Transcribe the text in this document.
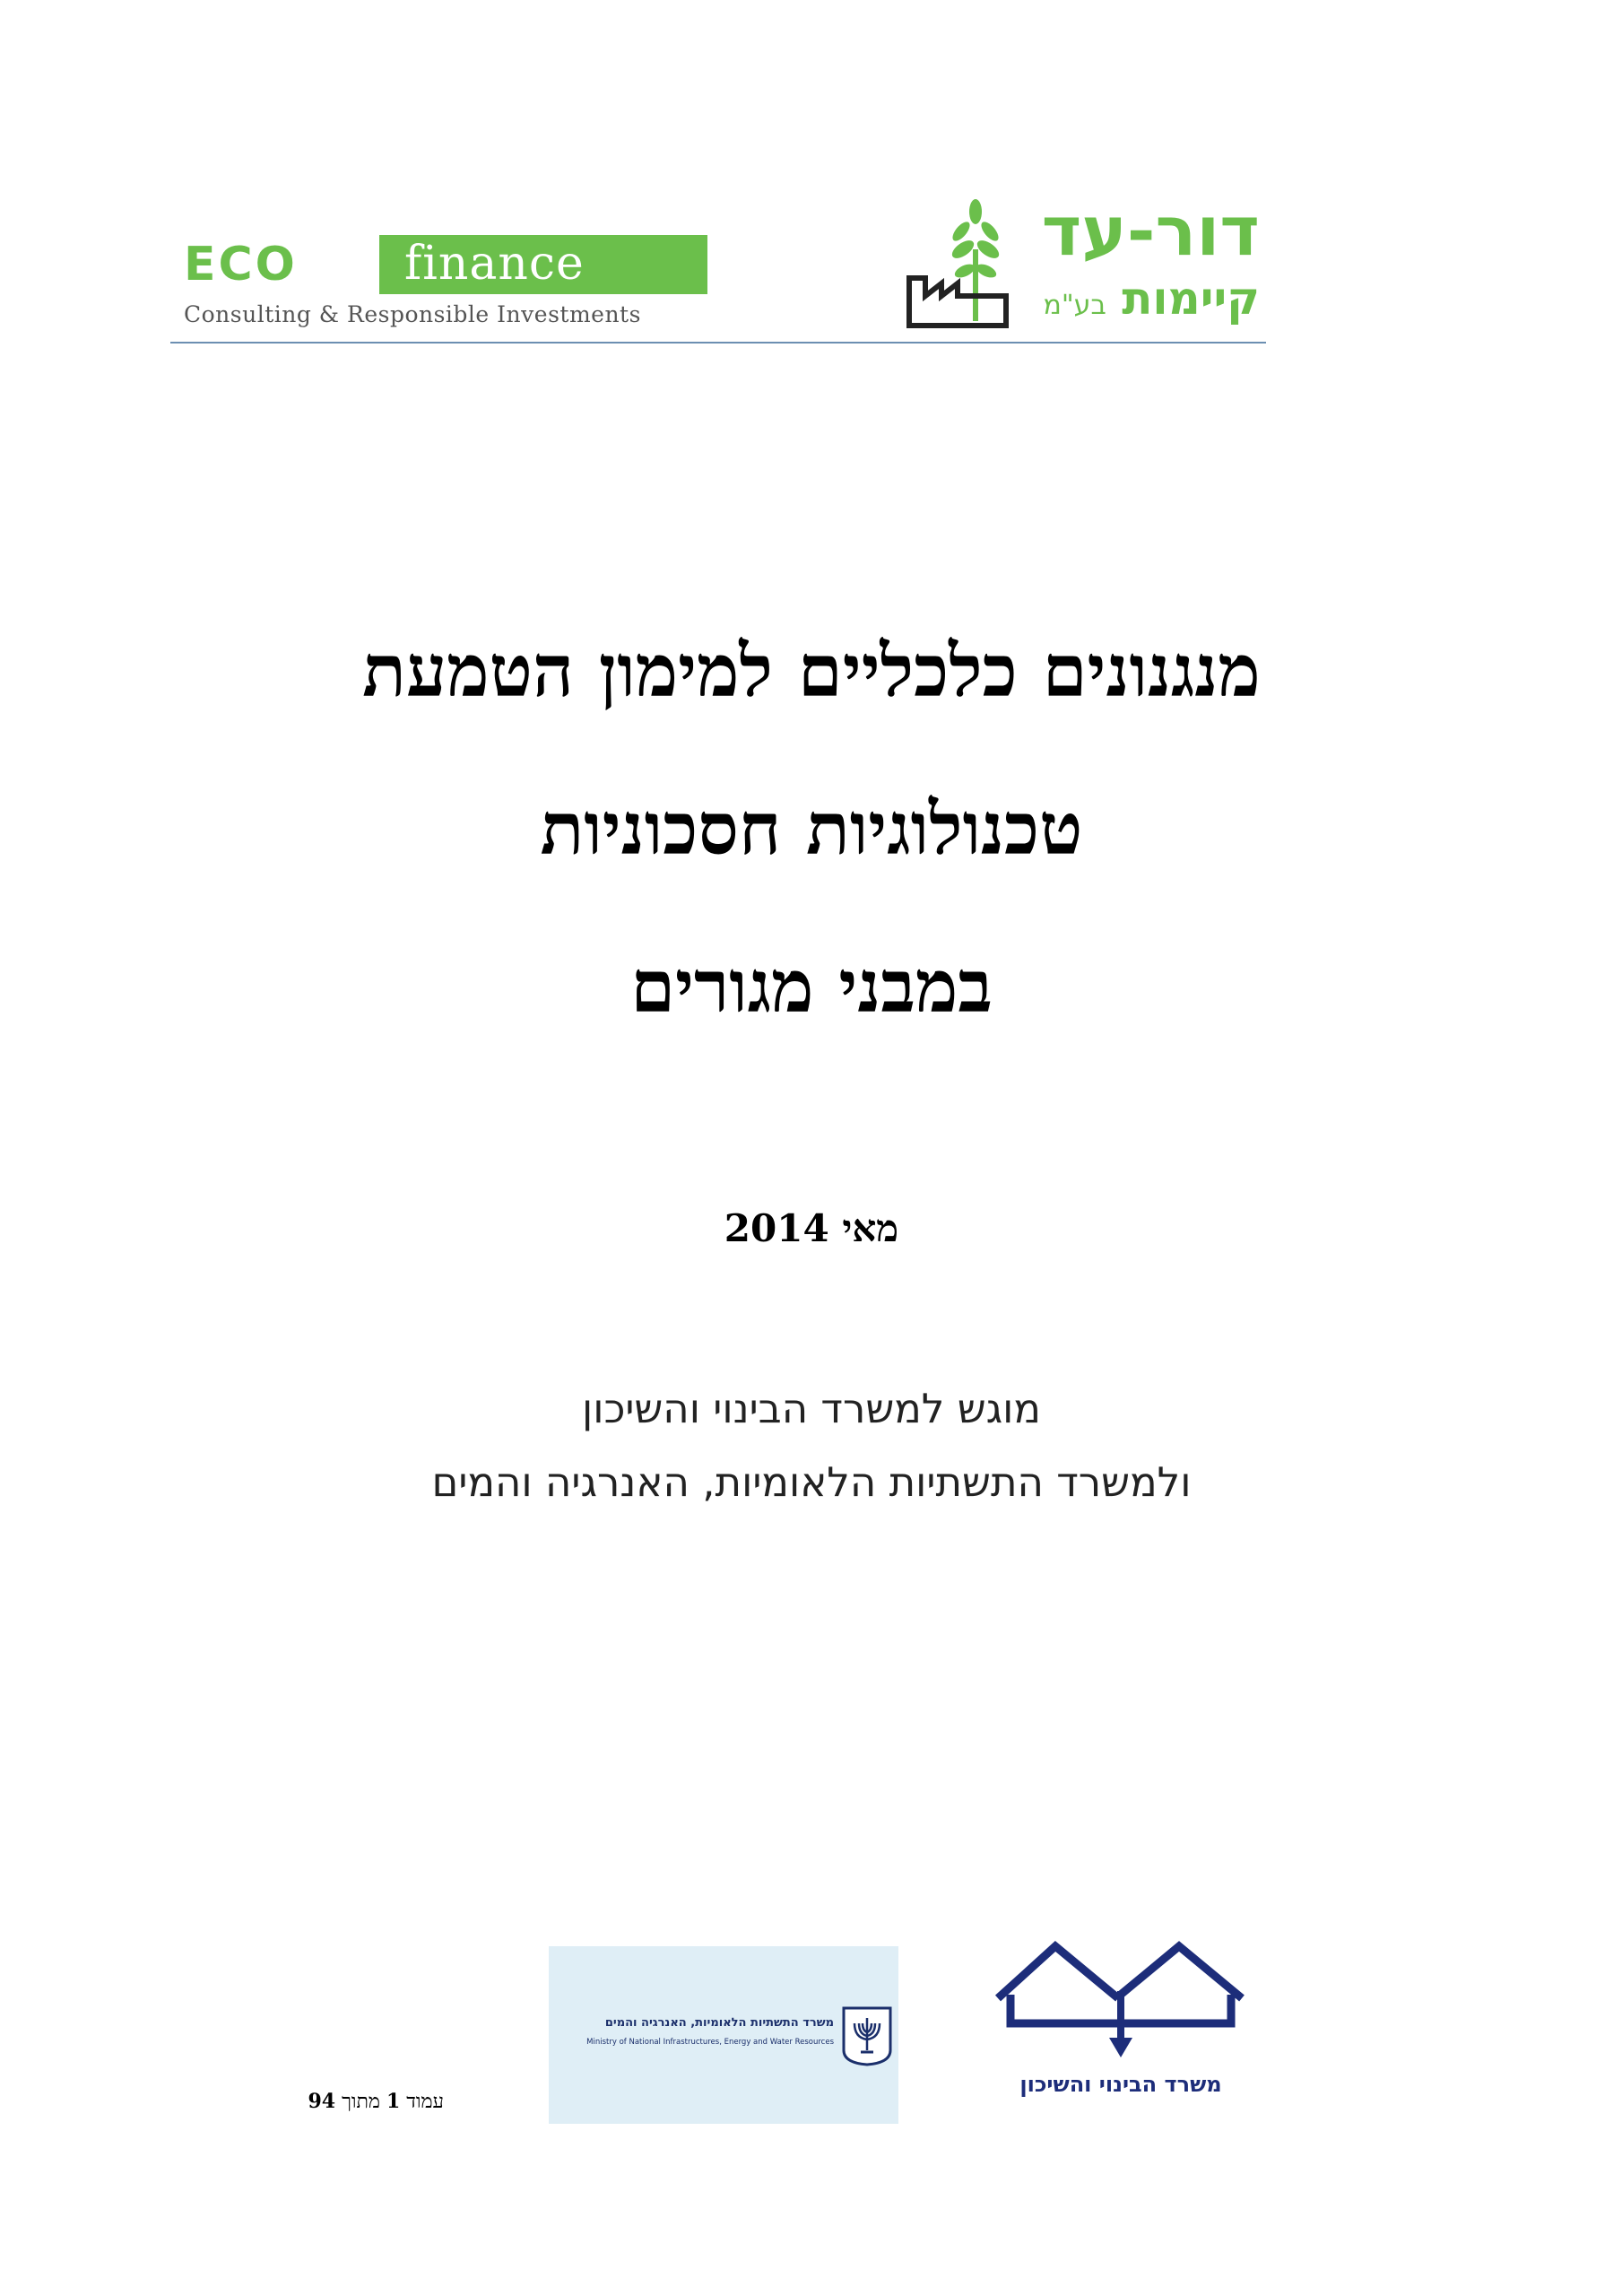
ECO	finance
Consulting & Responsible Investments
דור-עד
קיימות בע"מ
מנגנונים כלכליים למימון הטמעת
טכנולוגיות חסכוניות
במבני מגורים
מאי 2014
מוגש למשרד הבינוי והשיכון
ולמשרד התשתיות הלאומיות, האנרגיה והמים
משרד התשתיות הלאומיות, האנרגיה והמים
Ministry of National Infrastructures, Energy and Water Resources
משרד הבינוי והשיכון
עמוד 1 מתוך 94
